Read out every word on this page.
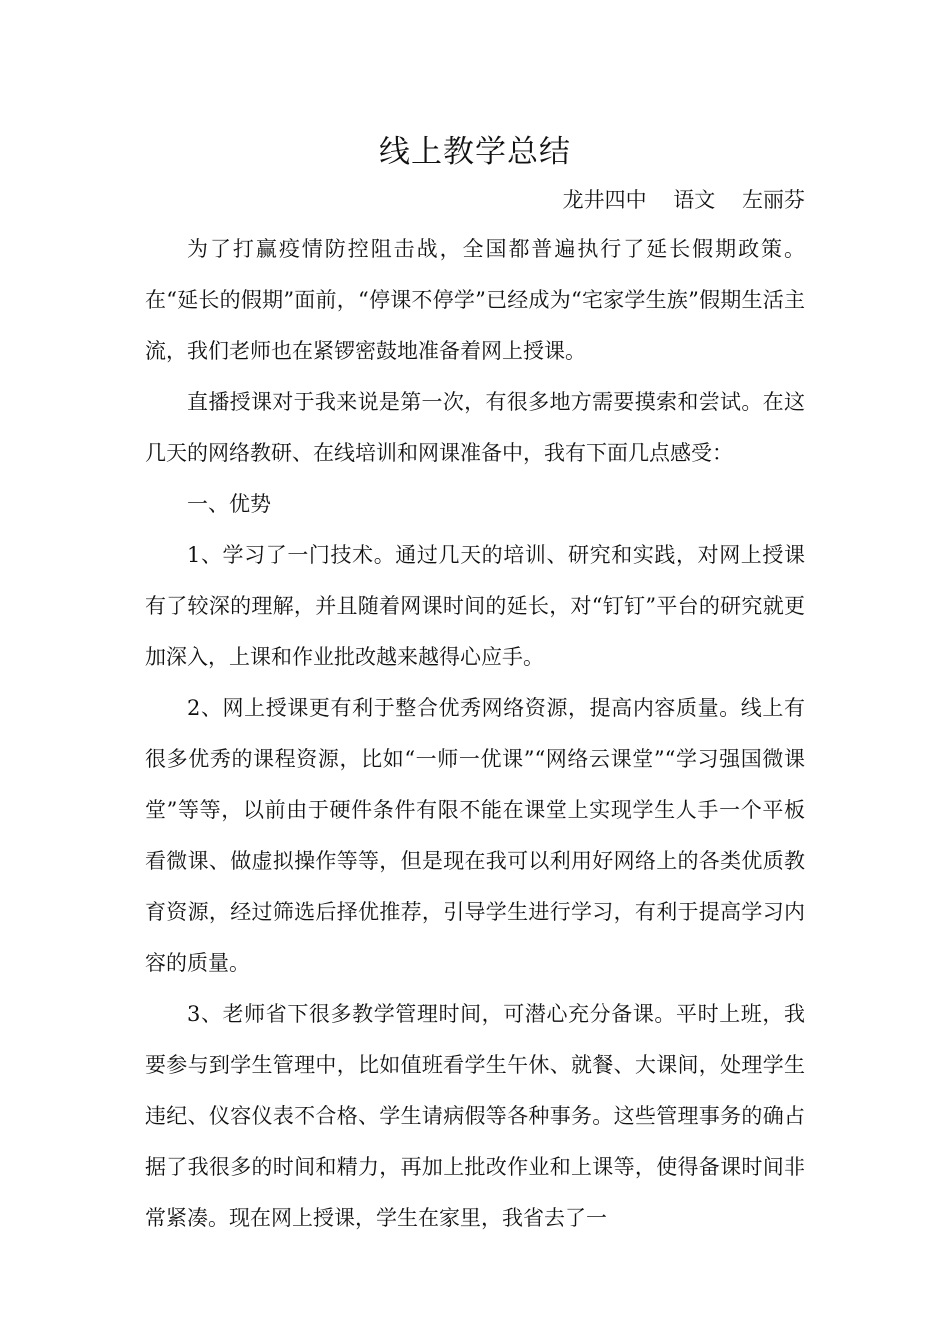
线上教学总结
龙井四中    语文    左丽芬

为了打赢疫情防控阻击战，全国都普遍执行了延长假期政策。在“延长的假期”面前，“停课不停学”已经成为“宅家学生族”假期生活主流，我们老师也在紧锣密鼓地准备着网上授课。

直播授课对于我来说是第一次，有很多地方需要摸索和尝试。在这几天的网络教研、在线培训和网课准备中，我有下面几点感受：

一、优势

1、学习了一门技术。通过几天的培训、研究和实践，对网上授课有了较深的理解，并且随着网课时间的延长，对“钉钉”平台的研究就更加深入，上课和作业批改越来越得心应手。

2、网上授课更有利于整合优秀网络资源，提高内容质量。线上有很多优秀的课程资源，比如“一师一优课”“网络云课堂”“学习强国微课堂”等等，以前由于硬件条件有限不能在课堂上实现学生人手一个平板看微课、做虚拟操作等等，但是现在我可以利用好网络上的各类优质教育资源，经过筛选后择优推荐，引导学生进行学习，有利于提高学习内容的质量。

3、老师省下很多教学管理时间，可潜心充分备课。平时上班，我要参与到学生管理中，比如值班看学生午休、就餐、大课间，处理学生违纪、仪容仪表不合格、学生请病假等各种事务。这些管理事务的确占据了我很多的时间和精力，再加上批改作业和上课等，使得备课时间非常紧凑。现在网上授课，学生在家里，我省去了一
